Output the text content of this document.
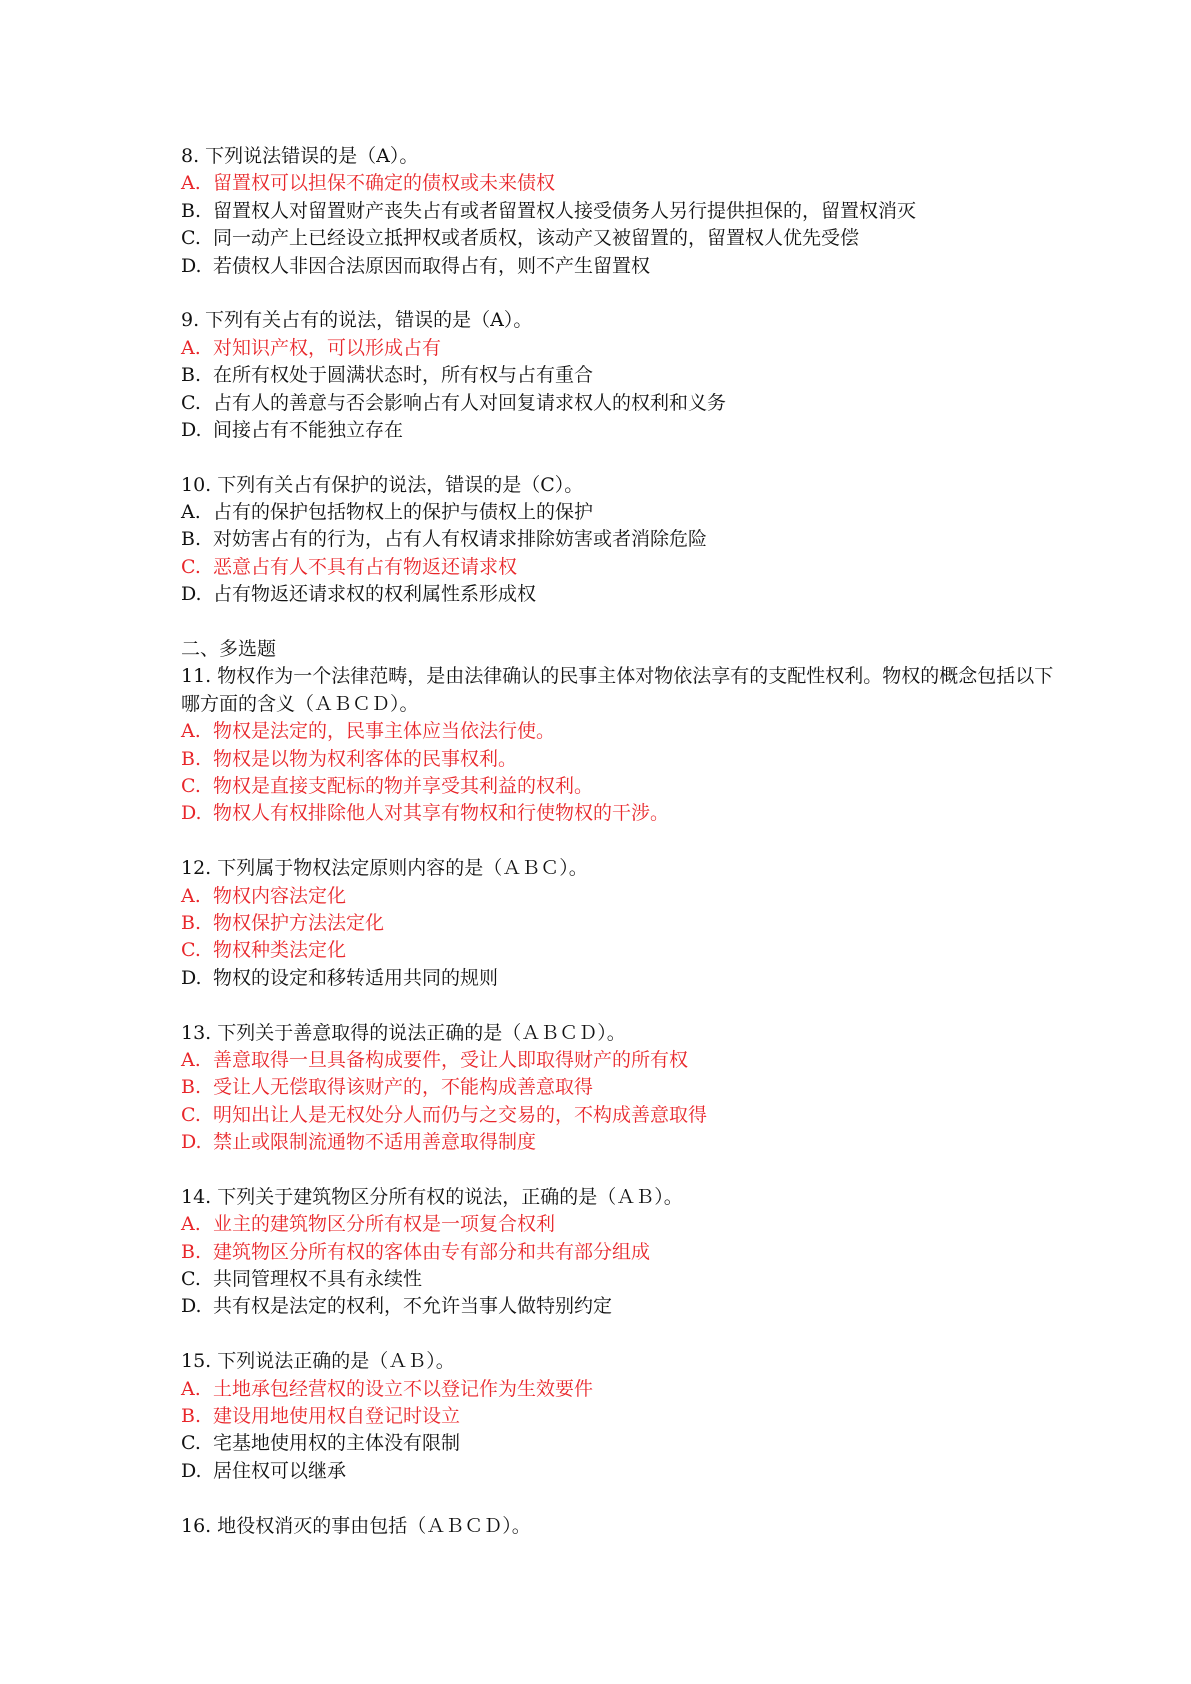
8. 下列说法错误的是（A）。
A. 留置权可以担保不确定的债权或未来债权
B. 留置权人对留置财产丧失占有或者留置权人接受债务人另行提供担保的，留置权消灭
C. 同一动产上已经设立抵押权或者质权，该动产又被留置的，留置权人优先受偿
D. 若债权人非因合法原因而取得占有，则不产生留置权
9. 下列有关占有的说法，错误的是（A）。
A. 对知识产权，可以形成占有
B. 在所有权处于圆满状态时，所有权与占有重合
C. 占有人的善意与否会影响占有人对回复请求权人的权利和义务
D. 间接占有不能独立存在
10. 下列有关占有保护的说法，错误的是（C）。
A. 占有的保护包括物权上的保护与债权上的保护
B. 对妨害占有的行为，占有人有权请求排除妨害或者消除危险
C. 恶意占有人不具有占有物返还请求权
D. 占有物返还请求权的权利属性系形成权
二、多选题
11. 物权作为一个法律范畴，是由法律确认的民事主体对物依法享有的支配性权利。物权的概念包括以下哪方面的含义（ＡＢＣＤ）。
A. 物权是法定的，民事主体应当依法行使。
B. 物权是以物为权利客体的民事权利。
C. 物权是直接支配标的物并享受其利益的权利。
D. 物权人有权排除他人对其享有物权和行使物权的干涉。
12. 下列属于物权法定原则内容的是（ＡＢＣ）。
A. 物权内容法定化
B. 物权保护方法法定化
C. 物权种类法定化
D. 物权的设定和移转适用共同的规则
13. 下列关于善意取得的说法正确的是（ＡＢＣＤ）。
A. 善意取得一旦具备构成要件，受让人即取得财产的所有权
B. 受让人无偿取得该财产的，不能构成善意取得
C. 明知出让人是无权处分人而仍与之交易的，不构成善意取得
D. 禁止或限制流通物不适用善意取得制度
14. 下列关于建筑物区分所有权的说法，正确的是（ＡＢ）。
A. 业主的建筑物区分所有权是一项复合权利
B. 建筑物区分所有权的客体由专有部分和共有部分组成
C. 共同管理权不具有永续性
D. 共有权是法定的权利，不允许当事人做特别约定
15. 下列说法正确的是（ＡＢ）。
A. 土地承包经营权的设立不以登记作为生效要件
B. 建设用地使用权自登记时设立
C. 宅基地使用权的主体没有限制
D. 居住权可以继承
16. 地役权消灭的事由包括（ＡＢＣＤ）。
